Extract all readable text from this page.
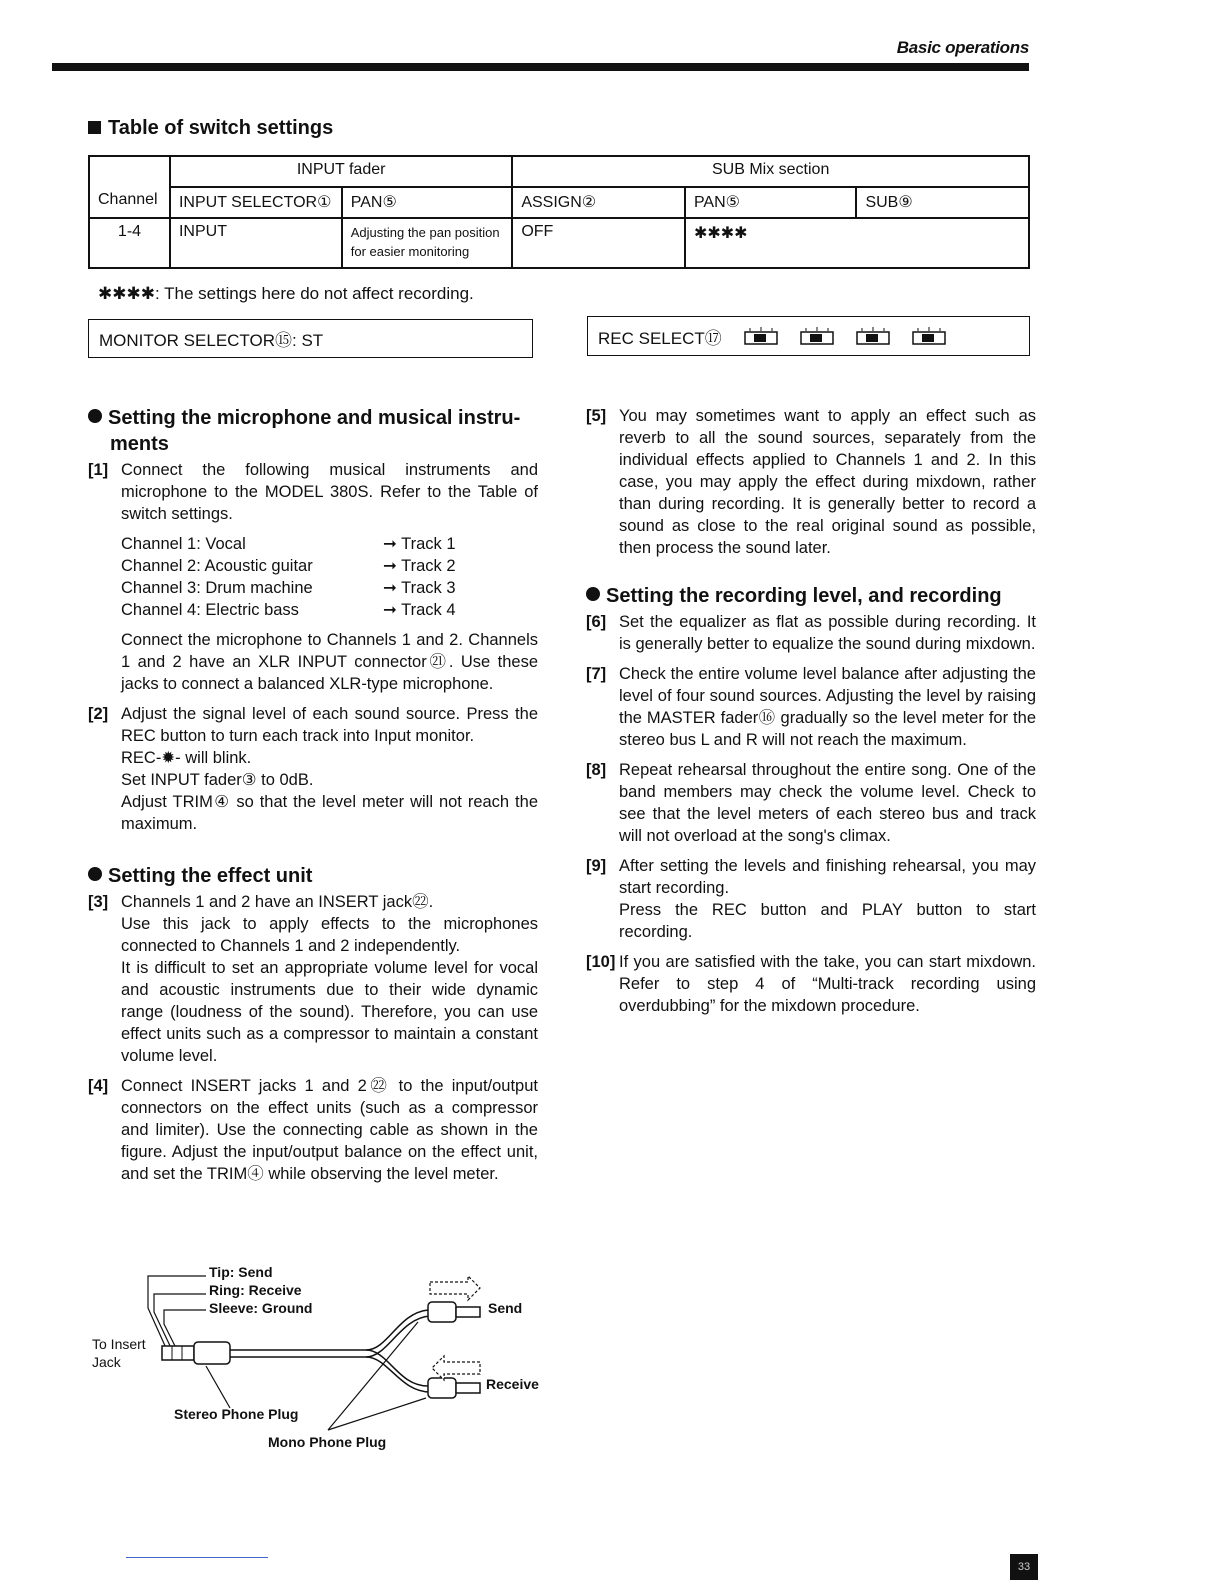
Basic operations
Table of switch settings
	INPUT fader		SUB Mix section		
Channel	INPUT SELECTOR①	PAN⑤	ASSIGN②	PAN⑤	SUB⑨
1-4	INPUT	Adjusting the pan position for easier monitoring	OFF	✱✱✱✱	
✱✱✱✱: The settings here do not affect recording.
MONITOR SELECTOR⑮: ST	REC SELECT⑰
Setting the microphone and musical instru-
ments
[1] Connect the following musical instruments and microphone to the MODEL 380S. Refer to the Table of switch settings.

Channel 1: Vocal	➞ Track 1
Channel 2: Acoustic guitar	➞ Track 2
Channel 3: Drum machine	➞ Track 3
Channel 4: Electric bass	➞ Track 4

Connect the microphone to Channels 1 and 2. Channels 1 and 2 have an XLR INPUT connector㉑. Use these jacks to connect a balanced XLR-type microphone.

[2] Adjust the signal level of each sound source. Press the REC button to turn each track into Input monitor.

REC-✹- will blink.

Set INPUT fader③ to 0dB.

Adjust TRIM④ so that the level meter will not reach the maximum.

Setting the effect unit
[3] Channels 1 and 2 have an INSERT jack㉒.

Use this jack to apply effects to the microphones connected to Channels 1 and 2 independently.

It is difficult to set an appropriate volume level for vocal and acoustic instruments due to their wide dynamic range (loudness of the sound). Therefore, you can use effect units such as a compressor to maintain a constant volume level.

[4] Connect INSERT jacks 1 and 2㉒ to the input/output connectors on the effect units (such as a compressor and limiter). Use the connecting cable as shown in the figure. Adjust the input/output balance on the effect unit, and set the TRIM④ while observing the level meter.

Tip: Send
Ring: Receive
Sleeve: Ground
To Insert
Jack
Stereo Phone Plug
Mono Phone Plug
Send
Receive
[5] You may sometimes want to apply an effect such as reverb to all the sound sources, separately from the individual effects applied to Channels 1 and 2. In this case, you may apply the effect during mixdown, rather than during recording. It is generally better to record a sound as close to the real original sound as possible, then process the sound later.

Setting the recording level, and recording
[6] Set the equalizer as flat as possible during recording. It is generally better to equalize the sound during mixdown.

[7] Check the entire volume level balance after adjusting the level of four sound sources. Adjusting the level by raising the MASTER fader⑯ gradually so the level meter for the stereo bus L and R will not reach the maximum.

[8] Repeat rehearsal throughout the entire song. One of the band members may check the volume level. Check to see that the level meters of each stereo bus and track will not overload at the song's climax.

[9] After setting the levels and finishing rehearsal, you may start recording.

Press the REC button and PLAY button to start recording.

[10] If you are satisfied with the take, you can start mixdown. Refer to step 4 of “Multi-track recording using overdubbing” for the mixdown procedure.

33
